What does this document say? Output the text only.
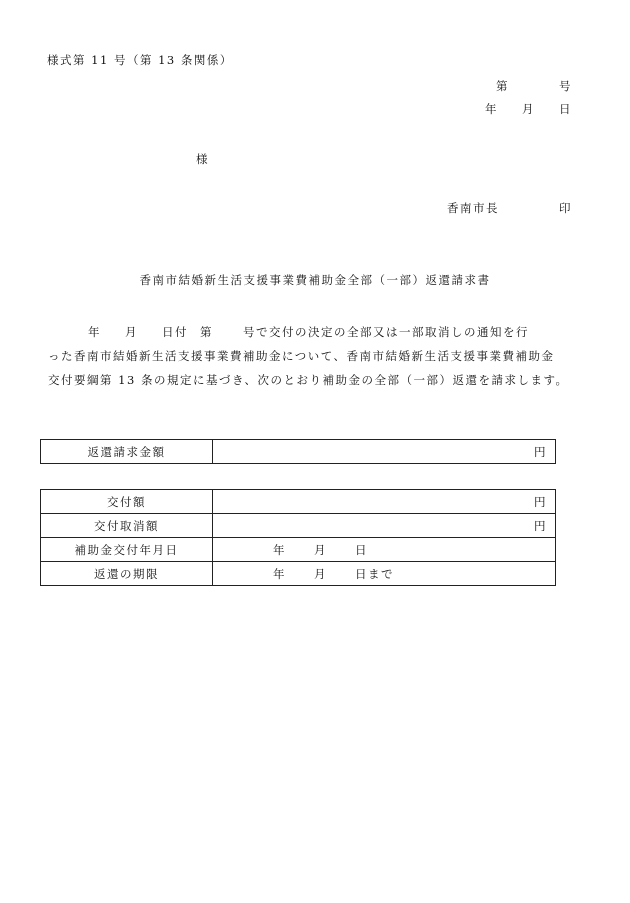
様式第 11 号（第 13 条関係）
第	号
年 月 日
様
香南市長	印
香南市結婚新生活支援事業費補助金全部（一部）返還請求書
年 月 日付 第	号で交付の決定の全部又は一部取消しの通知を行
った香南市結婚新生活支援事業費補助金について、香南市結婚新生活支援事業費補助金
交付要綱第 13 条の規定に基づき、次のとおり補助金の全部（一部）返還を請求します。
返還請求金額	円
交付額	円
交付取消額	円
補助金交付年月日	年 月 日
返還の期限	年 月 日まで
